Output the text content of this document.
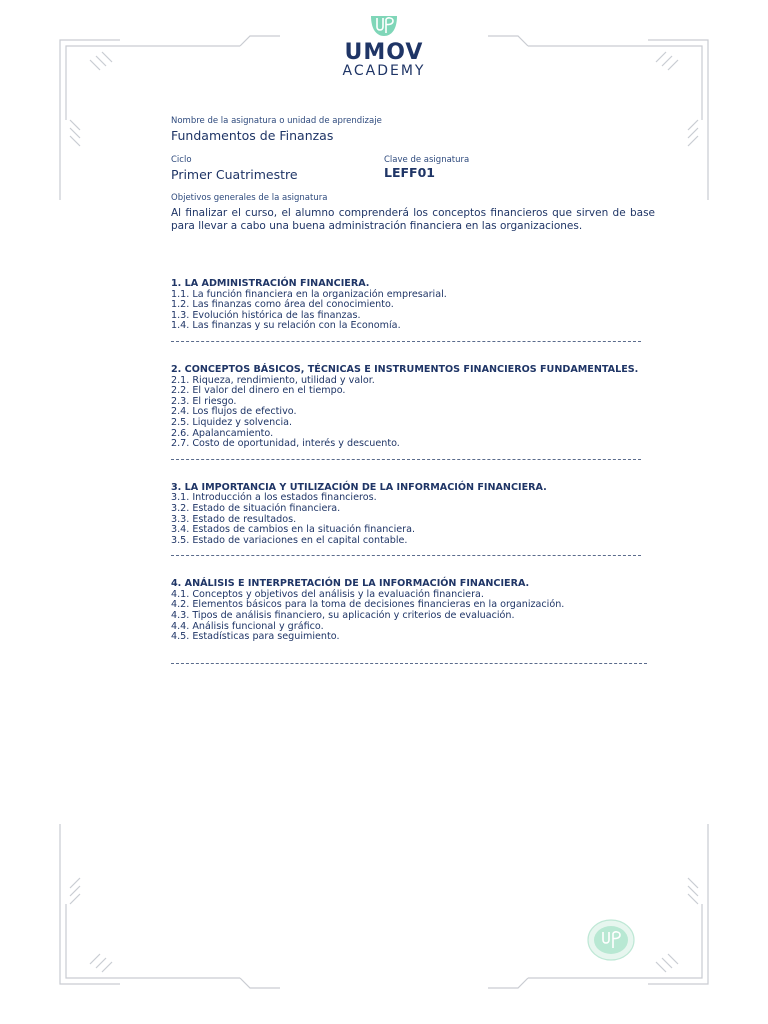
UMOV
ACADEMY
Nombre de la asignatura o unidad de aprendizaje
Fundamentos de Finanzas
Ciclo
Primer Cuatrimestre
Clave de asignatura
LEFF01
Objetivos generales de la asignatura
Al finalizar el curso, el alumno comprenderá los conceptos financieros que sirven de base para llevar a cabo una buena administración financiera en las organizaciones.
1. LA ADMINISTRACIÓN FINANCIERA.
1.1. La función financiera en la organización empresarial.
1.2. Las finanzas como área del conocimiento.
1.3. Evolución histórica de las finanzas.
1.4. Las finanzas y su relación con la Economía.
2. CONCEPTOS BÁSICOS, TÉCNICAS E INSTRUMENTOS FINANCIEROS FUNDAMENTALES.
2.1. Riqueza, rendimiento, utilidad y valor.
2.2. El valor del dinero en el tiempo.
2.3. El riesgo.
2.4. Los flujos de efectivo.
2.5. Liquidez y solvencia.
2.6. Apalancamiento.
2.7. Costo de oportunidad, interés y descuento.
3. LA IMPORTANCIA Y UTILIZACIÓN DE LA INFORMACIÓN FINANCIERA.
3.1. Introducción a los estados financieros.
3.2. Estado de situación financiera.
3.3. Estado de resultados.
3.4. Estados de cambios en la situación financiera.
3.5. Estado de variaciones en el capital contable.
4. ANÁLISIS E INTERPRETACIÓN DE LA INFORMACIÓN FINANCIERA.
4.1. Conceptos y objetivos del análisis y la evaluación financiera.
4.2. Elementos básicos para la toma de decisiones financieras en la organización.
4.3. Tipos de análisis financiero, su aplicación y criterios de evaluación.
4.4. Análisis funcional y gráfico.
4.5. Estadísticas para seguimiento.
